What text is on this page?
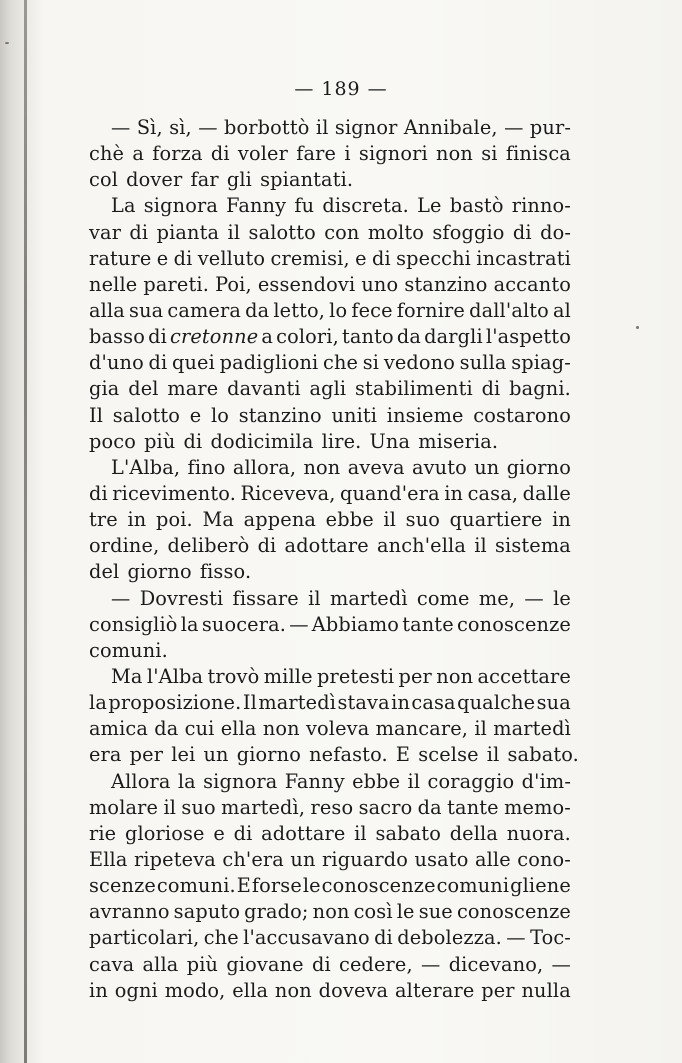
— 189 —
— Sì, sì, — borbottò il signor Annibale, — pur-
chè a forza di voler fare i signori non si finisca
col dover far gli spiantati.
La signora Fanny fu discreta. Le bastò rinno-
var di pianta il salotto con molto sfoggio di do-
rature e di velluto cremisi, e di specchi incastrati
nelle pareti. Poi, essendovi uno stanzino accanto
alla sua camera da letto, lo fece fornire dall'alto al
basso di cretonne a colori, tanto da dargli l'aspetto
d'uno di quei padiglioni che si vedono sulla spiag-
gia del mare davanti agli stabilimenti di bagni.
Il salotto e lo stanzino uniti insieme costarono
poco più di dodicimila lire. Una miseria.
L'Alba, fino allora, non aveva avuto un giorno
di ricevimento. Riceveva, quand'era in casa, dalle
tre in poi. Ma appena ebbe il suo quartiere in
ordine, deliberò di adottare anch'ella il sistema
del giorno fisso.
— Dovresti fissare il martedì come me, — le
consigliò la suocera. — Abbiamo tante conoscenze
comuni.
Ma l'Alba trovò mille pretesti per non accettare
la proposizione. Il martedì stava in casa qualche sua
amica da cui ella non voleva mancare, il martedì
era per lei un giorno nefasto. E scelse il sabato.
Allora la signora Fanny ebbe il coraggio d'im-
molare il suo martedì, reso sacro da tante memo-
rie gloriose e di adottare il sabato della nuora.
Ella ripeteva ch'era un riguardo usato alle cono-
scenze comuni. E forse le conoscenze comuni gliene
avranno saputo grado; non così le sue conoscenze
particolari, che l'accusavano di debolezza. — Toc-
cava alla più giovane di cedere, — dicevano, —
in ogni modo, ella non doveva alterare per nulla
